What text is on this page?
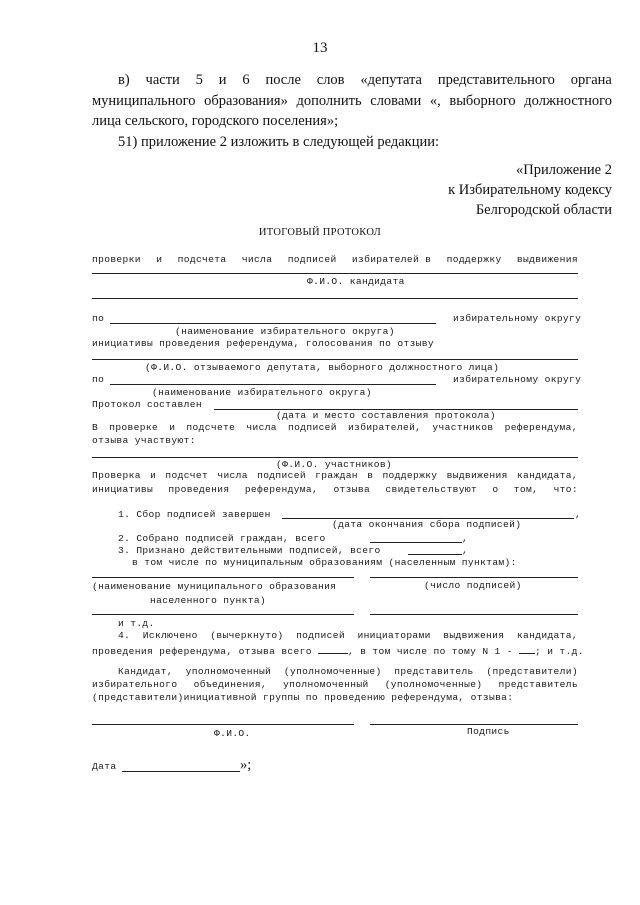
13
в) части 5 и 6 после слов «депутата представительного органа
муниципального образования» дополнить словами «, выборного должностного
лица сельского, городского поселения»;
51) приложение 2 изложить в следующей редакции:
«Приложение 2
к Избирательному кодексу
Белгородской области
ИТОГОВЫЙ ПРОТОКОЛ
проверки и подсчета числа подписей избирателей в поддержку выдвижения
Ф.И.О. кандидата
по	избирательному округу
(наименование избирательного округа)
инициативы проведения референдума, голосования по отзыву
(Ф.И.О. отзываемого депутата, выборного должностного лица)
по	избирательному округу
(наименование избирательного округа)
Протокол составлен
(дата и место составления протокола)
В проверке и подсчете числа подписей избирателей, участников референдума,
отзыва участвуют:
(Ф.И.О. участников)
Проверка и подсчет числа подписей граждан в поддержку выдвижения кандидата,
инициативы проведения референдума, отзыва свидетельствуют о том, что:
1. Сбор подписей завершен	,
(дата окончания сбора подписей)
2. Собрано подписей граждан, всего	,
3. Признано действительными подписей, всего	,
в том числе по муниципальным образованиям (населенным пунктам):
(наименование муниципального образования	(число подписей)
населенного пункта)
и т.д.
4. Исключено (вычеркнуто) подписей инициаторами выдвижения кандидата,
проведения референдума, отзыва всего	, в том числе по тому N 1 - ; и т.д.
Кандидат, уполномоченный (уполномоченные) представитель (представители)
избирательного объединения, уполномоченный (уполномоченные) представитель
(представители)инициативной группы по проведению референдума, отзыва:
Ф.И.О.	Подпись
Дата	»;
